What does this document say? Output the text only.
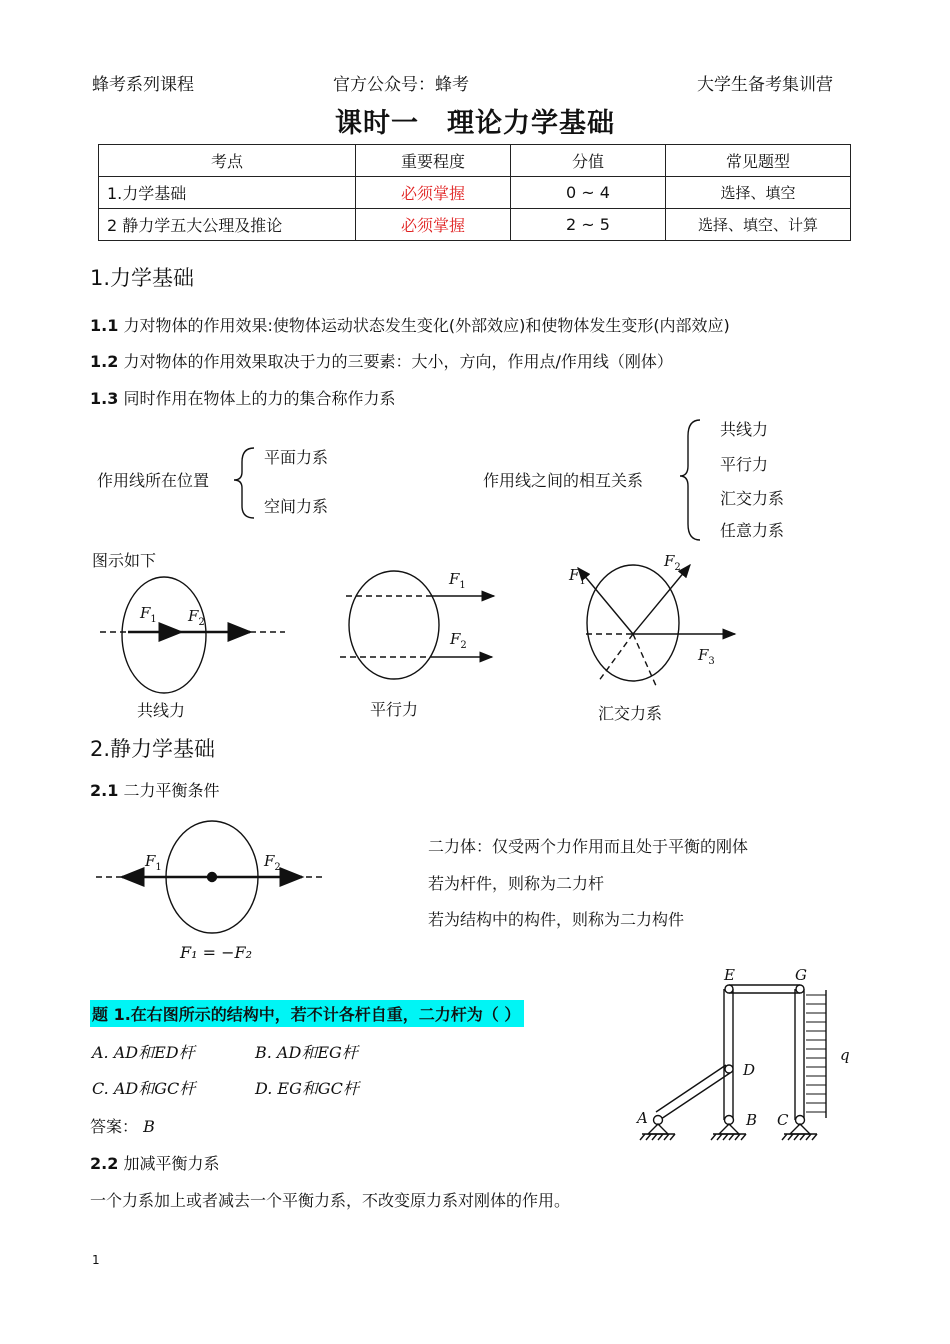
蜂考系列课程	官方公众号：蜂考	大学生备考集训营
课时一　理论力学基础
考点	重要程度	分值	常见题型
1.力学基础	必须掌握	0 ~ 4	选择、填空
2 静力学五大公理及推论	必须掌握	2 ~ 5	选择、填空、计算
1.力学基础
1.1 力对物体的作用效果:使物体运动状态发生变化(外部效应)和使物体发生变形(内部效应)
1.2 力对物体的作用效果取决于力的三要素：大小，方向，作用点/作用线（刚体）
1.3 同时作用在物体上的力的集合称作力系
作用线所在位置
平面力系
空间力系
作用线之间的相互关系
共线力
平行力
汇交力系
任意力系
图示如下
共线力	平行力	汇交力系
2.静力学基础
2.1 二力平衡条件
二力体：仅受两个力作用而且处于平衡的刚体
若为杆件，则称为二力杆
若为结构中的构件，则称为二力构件
F₁ = −F₂
题 1.在右图所示的结构中，若不计各杆自重，二力杆为（ ）
A. AD和ED杆	B. AD和EG杆
C. AD和GC杆	D. EG和GC杆
答案： B
2.2 加减平衡力系
一个力系加上或者减去一个平衡力系，不改变原力系对刚体的作用。
1
$F_1$ $F_2$
$F_1$
$F_2$
$F_1$
$F_2$
$F_3$
$F_1$	$F_2$
E	G
D
A	B C
q
